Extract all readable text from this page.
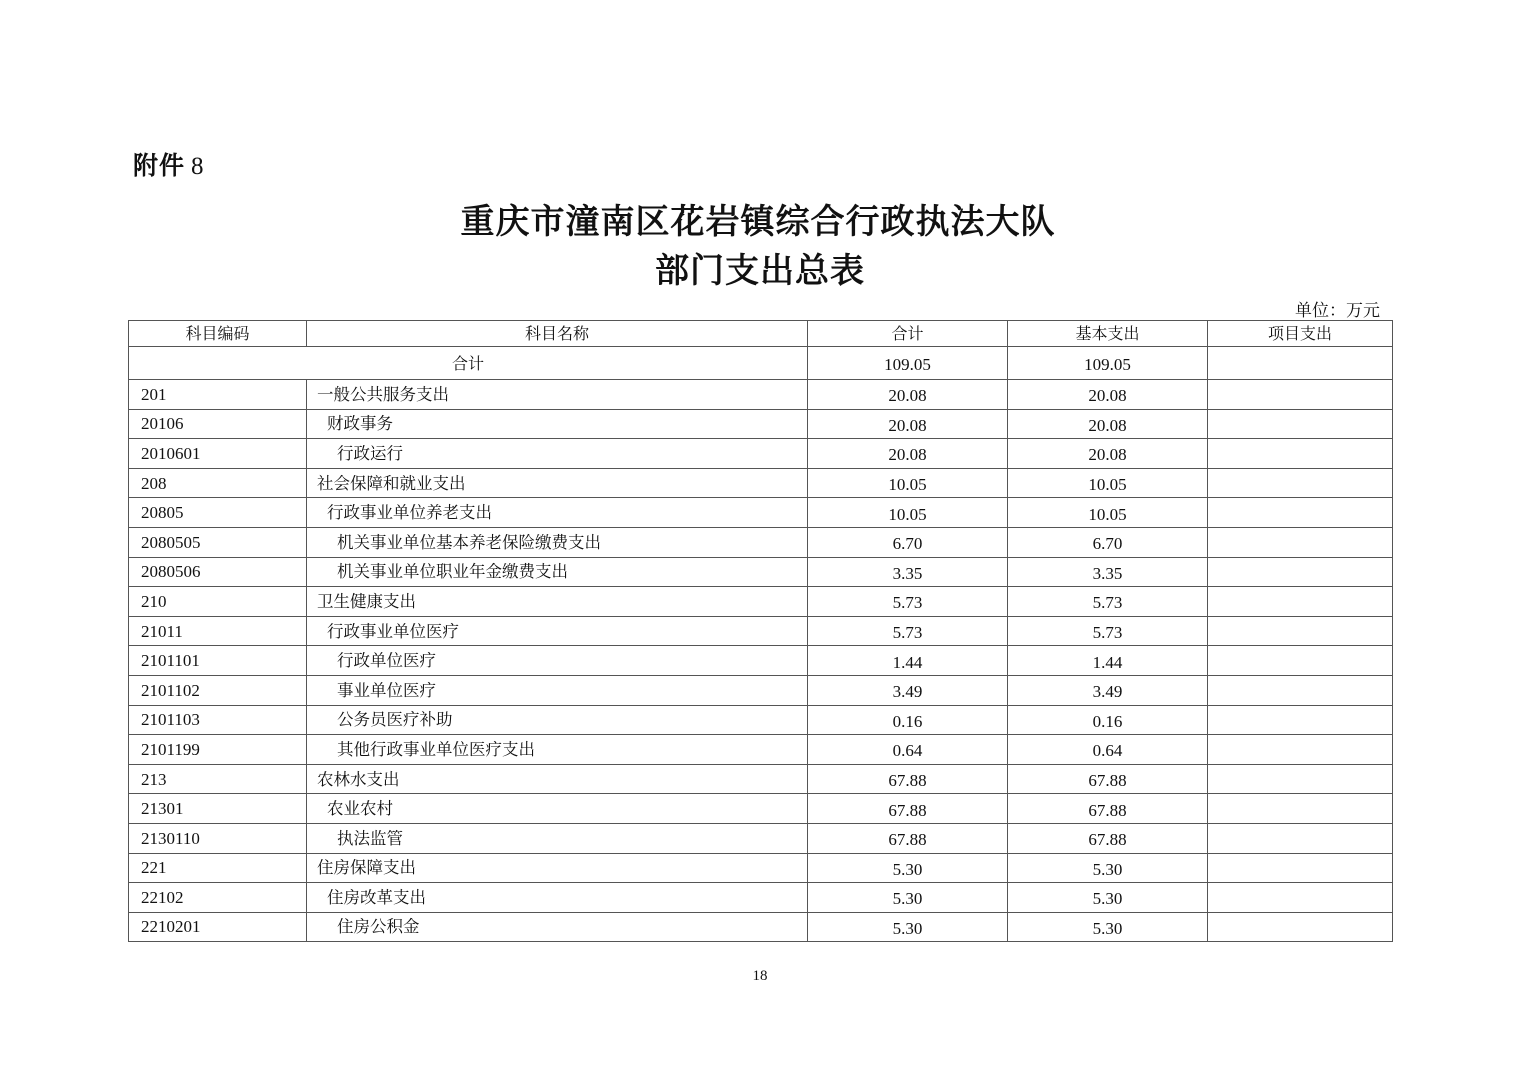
附件 8
重庆市潼南区花岩镇综合行政执法大队
部门支出总表
单位：万元
科目编码	科目名称	合计	基本支出	项目支出
合计		109.05	109.05	
201	一般公共服务支出	20.08	20.08	
20106	财政事务	20.08	20.08	
2010601	行政运行	20.08	20.08	
208	社会保障和就业支出	10.05	10.05	
20805	行政事业单位养老支出	10.05	10.05	
2080505	机关事业单位基本养老保险缴费支出	6.70	6.70	
2080506	机关事业单位职业年金缴费支出	3.35	3.35	
210	卫生健康支出	5.73	5.73	
21011	行政事业单位医疗	5.73	5.73	
2101101	行政单位医疗	1.44	1.44	
2101102	事业单位医疗	3.49	3.49	
2101103	公务员医疗补助	0.16	0.16	
2101199	其他行政事业单位医疗支出	0.64	0.64	
213	农林水支出	67.88	67.88	
21301	农业农村	67.88	67.88	
2130110	执法监管	67.88	67.88	
221	住房保障支出	5.30	5.30	
22102	住房改革支出	5.30	5.30	
2210201	住房公积金	5.30	5.30	
18
